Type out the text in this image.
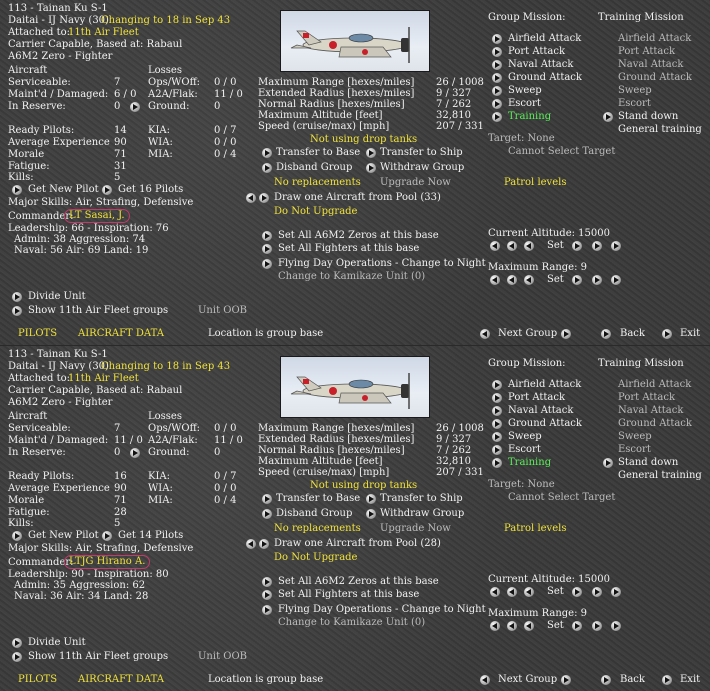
113 - Tainan Ku S-1
Daitai - IJ Navy (30)
Changing to 18 in Sep 43
Attached to:
11th Air Fleet
Carrier Capable, Based at: Rabaul
A6M2 Zero - Fighter
Aircraft	Losses
Serviceable:	7	Ops/WOff: 0 / 0
Maint'd / Damaged: 6 / 0 A2A/Flak: 11 / 0
In Reserve:	0	Ground: 0
Ready Pilots:	14 KIA:	0 / 7
Average Experience 90 WIA:	0 / 0
Morale	71 MIA:	0 / 4
Fatigue:	31
Kills:	5
Get New Pilot Get 16 Pilots
Major Skills: Air, Strafing, Defensive
Commander:
LT Sasai, J.
Leadership: 66 - Inspiration: 76
Admin: 38 Aggression: 74
Naval: 56 Air: 69 Land: 19
Divide Unit
Show 11th Air Fleet groups	Unit OOB
PILOTS AIRCRAFT DATA	Location is group base
Maximum Range [hexes/miles] 26 / 1008
Extended Radius [hexes/miles] 9 / 327
Normal Radius [hexes/miles]	7 / 262
Maximum Altitude [feet]	32,810
Speed (cruise/max) [mph]	207 / 331
Not using drop tanks
Transfer to Base Transfer to Ship
Disband Group	Withdraw Group
No replacements Upgrade Now	Patrol levels
Draw one Aircraft from Pool (33)
Do Not Upgrade
Set All A6M2 Zeros at this base
Set All Fighters at this base
Flying Day Operations - Change to Night
Change to Kamikaze Unit (0)
Group Mission:	Training Mission
Airfield Attack
Port Attack
Naval Attack
Ground Attack
Sweep
Escort
Training
Airfield Attack
Port Attack
Naval Attack
Ground Attack
Sweep
Escort
Stand down
General training
Target: None
Cannot Select Target
Current Altitude: 15000
Set
Maximum Range: 9
Set
Next Group	Back	Exit
113 - Tainan Ku S-1
Daitai - IJ Navy (30)
Changing to 18 in Sep 43
Attached to:
11th Air Fleet
Carrier Capable, Based at: Rabaul
A6M2 Zero - Fighter
Aircraft	Losses
Serviceable:	7	Ops/WOff: 0 / 0
Maint'd / Damaged: 11 / 0 A2A/Flak: 11 / 0
In Reserve:	0	Ground: 0
Ready Pilots:	16 KIA:	0 / 7
Average Experience 90 WIA:	0 / 0
Morale	71 MIA:	0 / 4
Fatigue:	28
Kills:	5
Get New Pilot Get 14 Pilots
Major Skills: Air, Strafing, Defensive
Commander:
LTJG Hirano A.
Leadership: 90 - Inspiration: 80
Admin: 35 Aggression: 62
Naval: 36 Air: 34 Land: 28
Divide Unit
Show 11th Air Fleet groups	Unit OOB
PILOTS AIRCRAFT DATA	Location is group base
Maximum Range [hexes/miles] 26 / 1008
Extended Radius [hexes/miles] 9 / 327
Normal Radius [hexes/miles]	7 / 262
Maximum Altitude [feet]	32,810
Speed (cruise/max) [mph]	207 / 331
Not using drop tanks
Transfer to Base Transfer to Ship
Disband Group	Withdraw Group
No replacements Upgrade Now	Patrol levels
Draw one Aircraft from Pool (28)
Do Not Upgrade
Set All A6M2 Zeros at this base
Set All Fighters at this base
Flying Day Operations - Change to Night
Change to Kamikaze Unit (0)
Group Mission:	Training Mission
Airfield Attack
Port Attack
Naval Attack
Ground Attack
Sweep
Escort
Training
Airfield Attack
Port Attack
Naval Attack
Ground Attack
Sweep
Escort
Stand down
General training
Target: None
Cannot Select Target
Current Altitude: 15000
Set
Maximum Range: 9
Set
Next Group	Back	Exit
